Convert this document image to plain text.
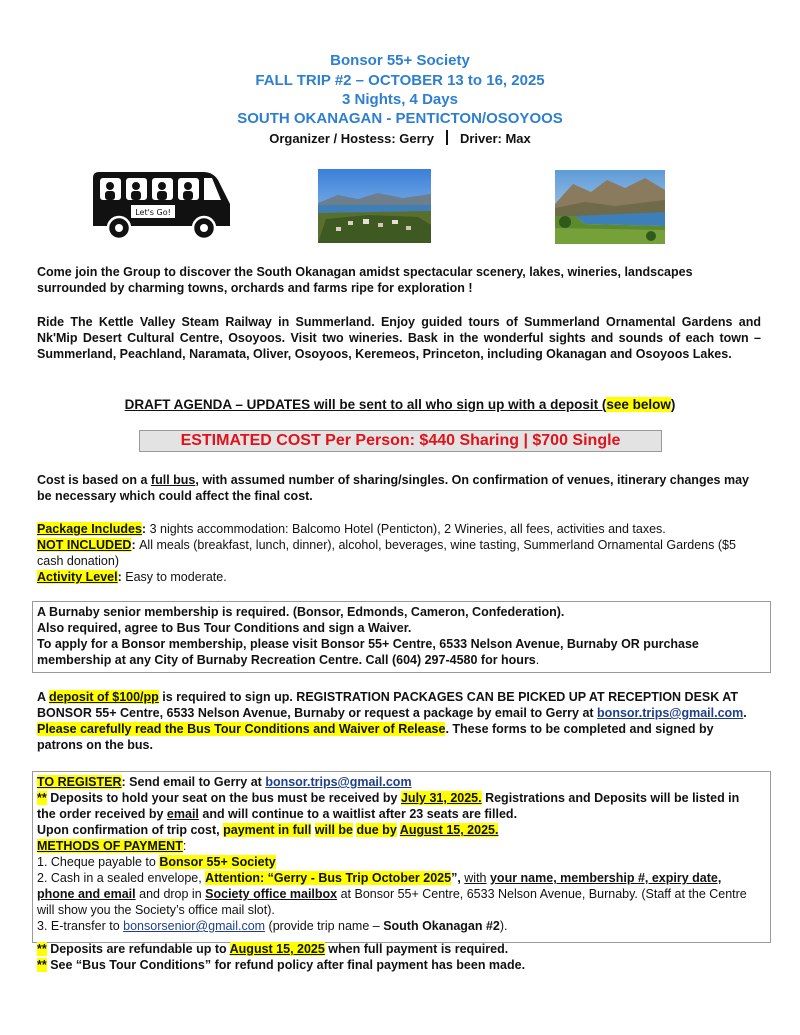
Bonsor 55+ Society
FALL TRIP #2 – OCTOBER 13 to 16, 2025
3 Nights, 4 Days
SOUTH OKANAGAN - PENTICTON/OSOYOOS
Organizer / Hostess: Gerry Driver: Max
Let's Go!
Come join the Group to discover the South Okanagan amidst spectacular scenery, lakes, wineries, landscapes surrounded by charming towns, orchards and farms ripe for exploration !
Ride The Kettle Valley Steam Railway in Summerland. Enjoy guided tours of Summerland Ornamental Gardens and Nk'Mip Desert Cultural Centre, Osoyoos. Visit two wineries. Bask in the wonderful sights and sounds of each town – Summerland, Peachland, Naramata, Oliver, Osoyoos, Keremeos, Princeton, including Okanagan and Osoyoos Lakes.
DRAFT AGENDA – UPDATES will be sent to all who sign up with a deposit (see below)
ESTIMATED COST Per Person: $440 Sharing | $700 Single
Cost is based on a full bus, with assumed number of sharing/singles. On confirmation of venues, itinerary changes may be necessary which could affect the final cost.
Package Includes: 3 nights accommodation: Balcomo Hotel (Penticton), 2 Wineries, all fees, activities and taxes.
NOT INCLUDED: All meals (breakfast, lunch, dinner), alcohol, beverages, wine tasting, Summerland Ornamental Gardens ($5 cash donation)
Activity Level: Easy to moderate.
A Burnaby senior membership is required. (Bonsor, Edmonds, Cameron, Confederation).
Also required, agree to Bus Tour Conditions and sign a Waiver.
To apply for a Bonsor membership, please visit Bonsor 55+ Centre, 6533 Nelson Avenue, Burnaby OR purchase membership at any City of Burnaby Recreation Centre. Call (604) 297-4580 for hours.
A deposit of $100/pp is required to sign up. REGISTRATION PACKAGES CAN BE PICKED UP AT RECEPTION DESK AT BONSOR 55+ Centre, 6533 Nelson Avenue, Burnaby or request a package by email to Gerry at bonsor.trips@gmail.com. Please carefully read the Bus Tour Conditions and Waiver of Release. These forms to be completed and signed by patrons on the bus.
TO REGISTER: Send email to Gerry at bonsor.trips@gmail.com
** Deposits to hold your seat on the bus must be received by July 31, 2025. Registrations and Deposits will be listed in the order received by email and will continue to a waitlist after 23 seats are filled.
Upon confirmation of trip cost, payment in full will be due by August 15, 2025.
METHODS OF PAYMENT:
1. Cheque payable to Bonsor 55+ Society
2. Cash in a sealed envelope, Attention: “Gerry - Bus Trip October 2025”, with your name, membership #, expiry date, phone and email and drop in Society office mailbox at Bonsor 55+ Centre, 6533 Nelson Avenue, Burnaby. (Staff at the Centre will show you the Society’s office mail slot).
3. E-transfer to bonsorsenior@gmail.com (provide trip name – South Okanagan #2).
** Deposits are refundable up to August 15, 2025 when full payment is required.
** See “Bus Tour Conditions” for refund policy after final payment has been made.
